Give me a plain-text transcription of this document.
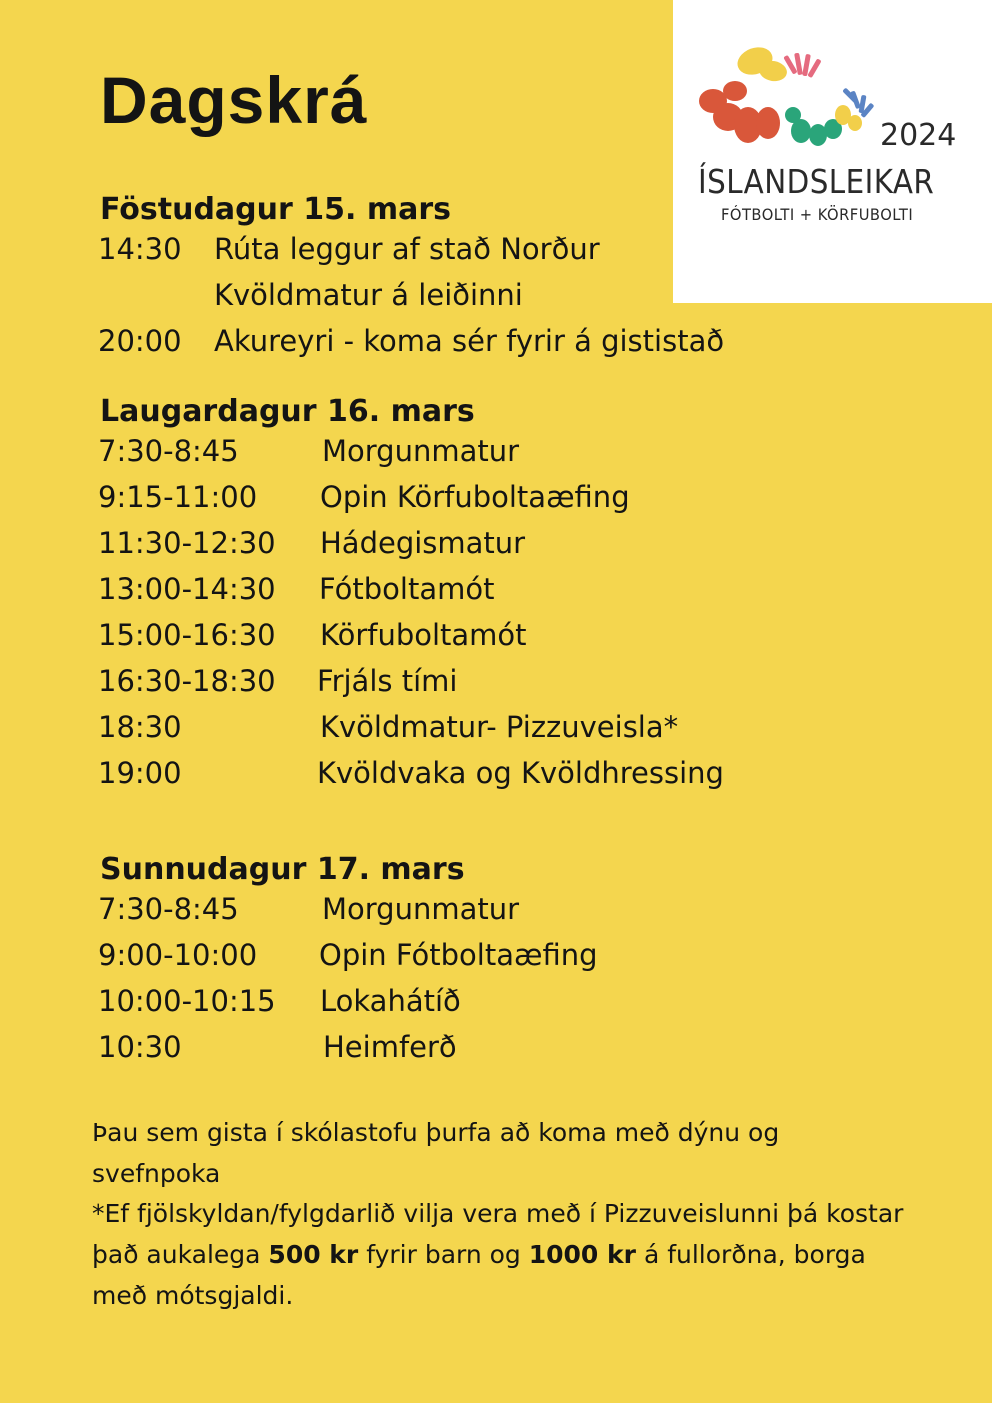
Dagskrá	2024
ÍSLANDSLEIKAR
FÓTBOLTI + KÖRFUBOLTI
Föstudagur 15. mars
14:30 Rúta leggur af stað Norður
Kvöldmatur á leiðinni
20:00 Akureyri - koma sér fyrir á gististað
Laugardagur 16. mars
7:30-8:45	Morgunmatur
9:15-11:00 Opin Körfuboltaæfing
11:30-12:30 Hádegismatur
13:00-14:30 Fótboltamót
15:00-16:30 Körfuboltamót
16:30-18:30 Frjáls tími
18:30	Kvöldmatur- Pizzuveisla*
19:00	Kvöldvaka og Kvöldhressing
Sunnudagur 17. mars
7:30-8:45	Morgunmatur
9:00-10:00 Opin Fótboltaæfing
10:00-10:15 Lokahátíð
10:30	Heimferð

Þau sem gista í skólastofu þurfa að koma með dýnu og svefnpoka

*Ef fjölskyldan/fylgdarlið vilja vera með í Pizzuveislunni þá kostar það aukalega 500 kr fyrir barn og 1000 kr á fullorðna, borga með mótsgjaldi.
